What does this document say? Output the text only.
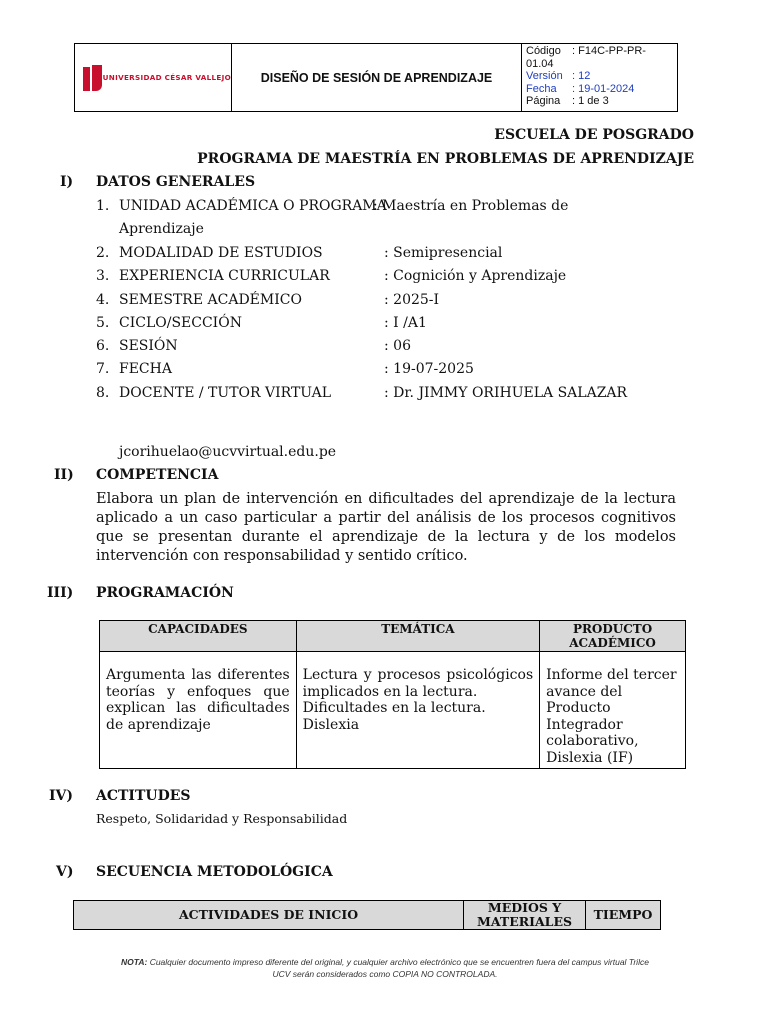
UNIVERSIDAD CÉSAR VALLEJO	DISEÑO DE SESIÓN DE APRENDIZAJE
Código	: F14C-PP-PR-
01.04
Versión : 12
Fecha	: 19-01-2024
Página	: 1 de 3
ESCUELA DE POSGRADO
PROGRAMA DE MAESTRÍA EN PROBLEMAS DE APRENDIZAJE
I) DATOS GENERALES
1. UNIDAD ACADÉMICA O PROGRAMA
: Maestría en Problemas de
Aprendizaje
2. MODALIDAD DE ESTUDIOS	: Semipresencial
3. EXPERIENCIA CURRICULAR	: Cognición y Aprendizaje
4. SEMESTRE ACADÉMICO	: 2025-I
5. CICLO/SECCIÓN	: I /A1
6. SESIÓN	: 06
7. FECHA	: 19-07-2025
8. DOCENTE / TUTOR VIRTUAL	: Dr. JIMMY ORIHUELA SALAZAR
jcorihuelao@ucvvirtual.edu.pe
II) COMPETENCIA
Elabora un plan de intervención en dificultades del aprendizaje de la lectura aplicado a un caso particular a partir del análisis de los procesos cognitivos que se presentan durante el aprendizaje de la lectura y de los modelos intervención con responsabilidad y sentido crítico.
III) PROGRAMACIÓN
CAPACIDADES	TEMÁTICA	PRODUCTO ACADÉMICO
Argumenta las diferentes teorías y enfoques que explican las dificultades de aprendizaje	Lectura y procesos psicológicos implicados en la lectura.
Dificultades en la lectura.
Dislexia	Informe del tercer avance del Producto Integrador colaborativo, Dislexia (IF)
IV) ACTITUDES
Respeto, Solidaridad y Responsabilidad
V) SECUENCIA METODOLÓGICA
ACTIVIDADES DE INICIO	MEDIOS Y MATERIALES	TIEMPO
NOTA: Cualquier documento impreso diferente del original, y cualquier archivo electrónico que se encuentren fuera del campus virtual Trilce
UCV serán considerados como COPIA NO CONTROLADA.
